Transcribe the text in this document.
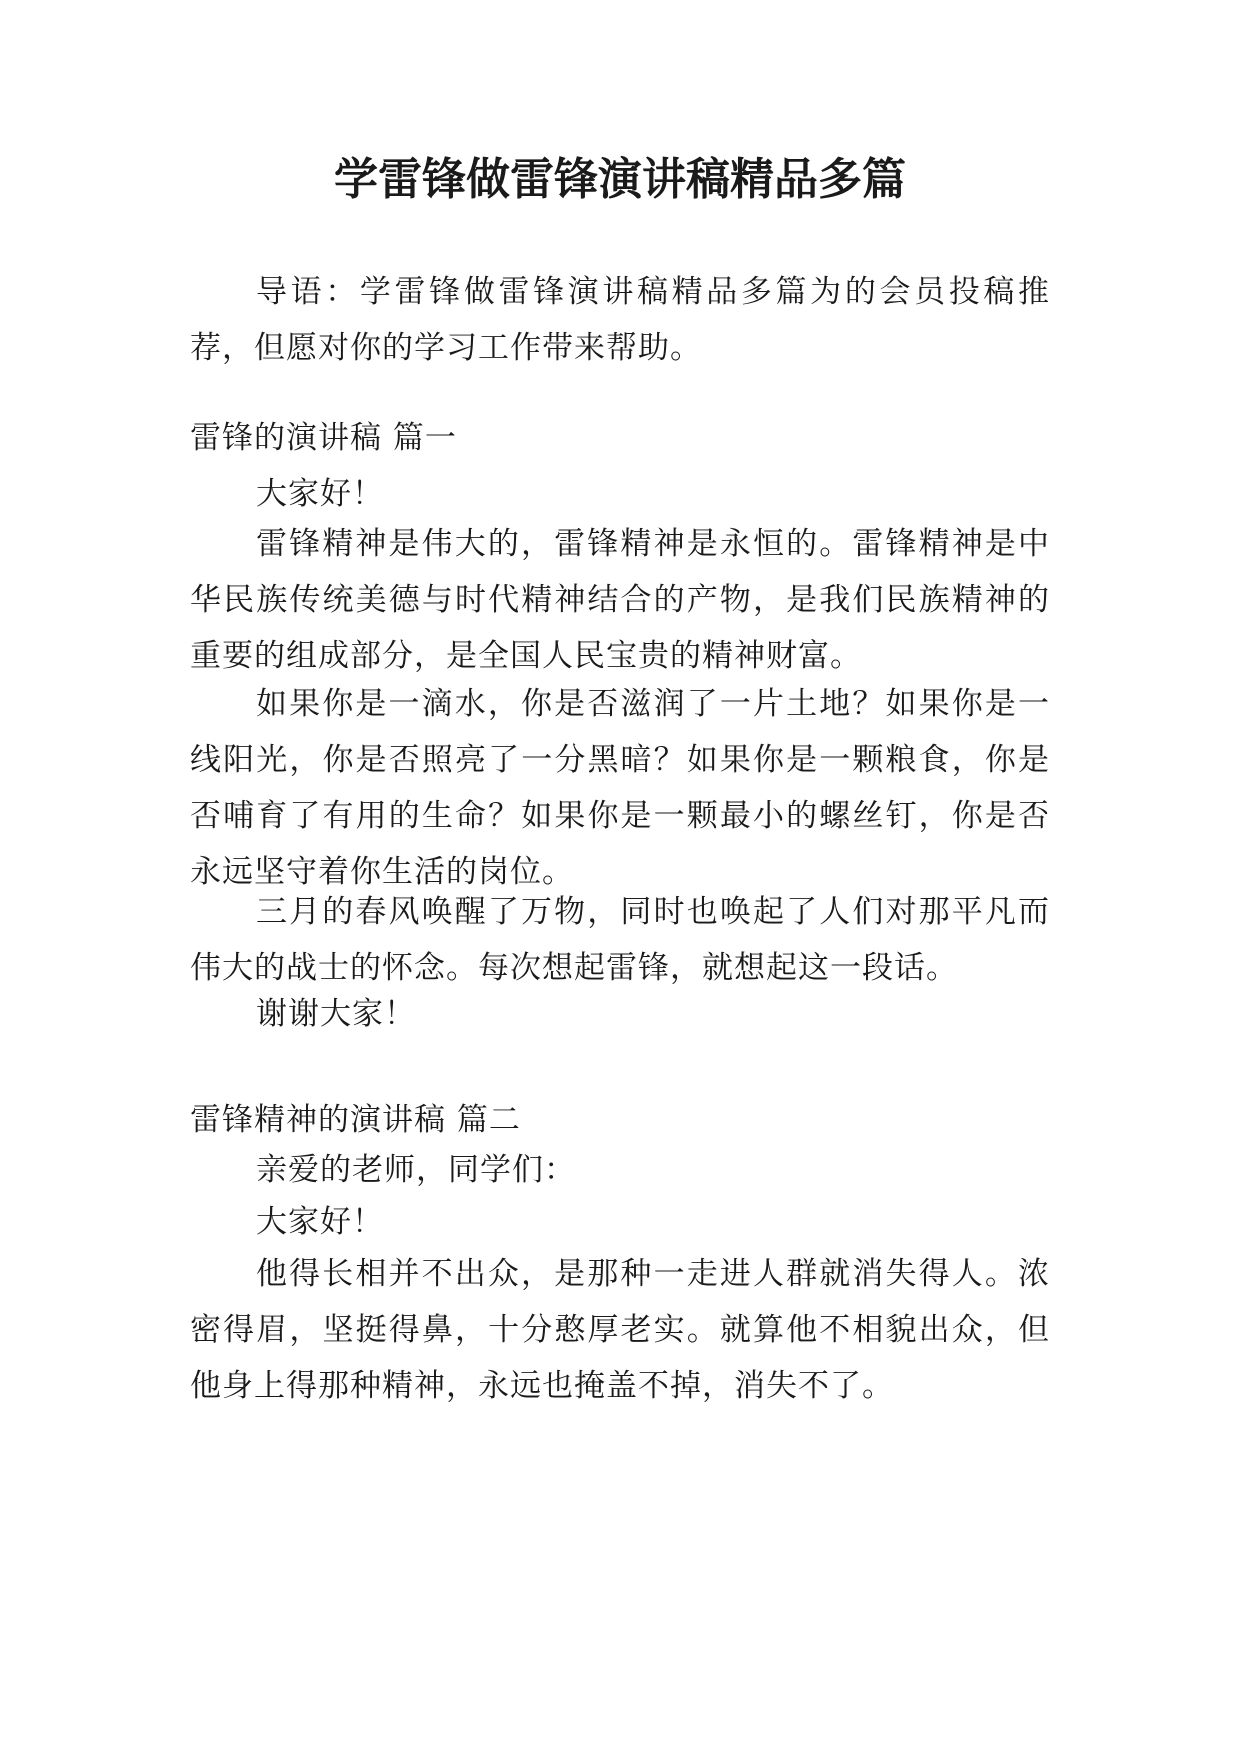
学雷锋做雷锋演讲稿精品多篇

导语：学雷锋做雷锋演讲稿精品多篇为的会员投稿推荐，但愿对你的学习工作带来帮助。

雷锋的演讲稿 篇一

大家好！

雷锋精神是伟大的，雷锋精神是永恒的。雷锋精神是中华民族传统美德与时代精神结合的产物，是我们民族精神的重要的组成部分，是全国人民宝贵的精神财富。

如果你是一滴水，你是否滋润了一片土地？如果你是一线阳光，你是否照亮了一分黑暗？如果你是一颗粮食，你是否哺育了有用的生命？如果你是一颗最小的螺丝钉，你是否永远坚守着你生活的岗位。

三月的春风唤醒了万物，同时也唤起了人们对那平凡而伟大的战士的怀念。每次想起雷锋，就想起这一段话。

谢谢大家！

雷锋精神的演讲稿 篇二

亲爱的老师，同学们：

大家好！

他得长相并不出众，是那种一走进人群就消失得人。浓密得眉，坚挺得鼻，十分憨厚老实。就算他不相貌出众，但他身上得那种精神，永远也掩盖不掉，消失不了。
